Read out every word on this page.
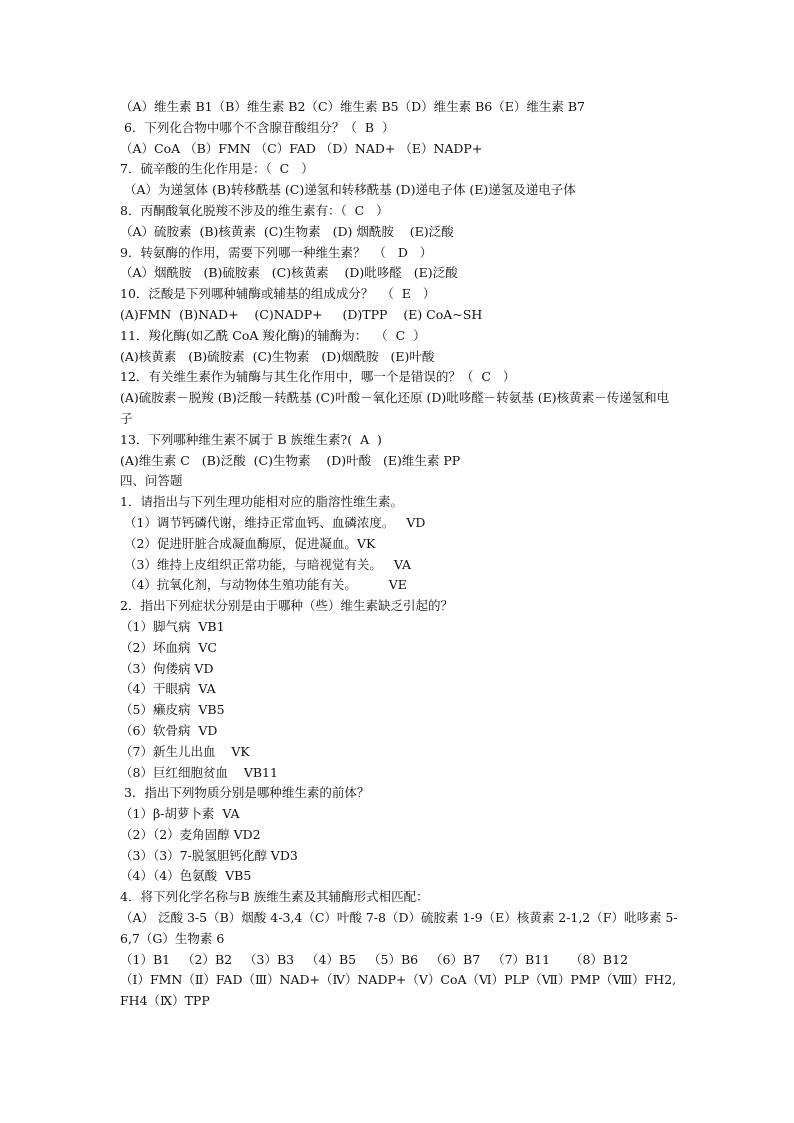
（A）维生素 B1（B）维生素 B2（C）维生素 B5（D）维生素 B6（E）维生素 B7
6．下列化合物中哪个不含腺苷酸组分？（  B  ）
（A）CoA （B）FMN （C）FAD （D）NAD+ （E）NADP+
7．硫辛酸的生化作用是：（  C   ）
（A）为递氢体 (B)转移酰基 (C)递氢和转移酰基 (D)递电子体 (E)递氢及递电子体
8．丙酮酸氧化脱羧不涉及的维生素有：（  C   ）
（A）硫胺素  (B)核黄素  (C)生物素   (D) 烟酰胺    (E)泛酸
9．转氨酶的作用，需要下列哪一种维生素？  （   D   ）
（A）烟酰胺   (B)硫胺素   (C)核黄素    (D)吡哆醛   (E)泛酸
10．泛酸是下列哪种辅酶或辅基的组成成分？  （  E   ）
(A)FMN  (B)NAD+    (C)NADP+     (D)TPP    (E) CoA~SH
11．羧化酶(如乙酰 CoA 羧化酶)的辅酶为：  （  C  ）
(A)核黄素   (B)硫胺素  (C)生物素   (D)烟酰胺   (E)叶酸
12．有关维生素作为辅酶与其生化作用中，哪一个是错误的？（  C   ）
(A)硫胺素－脱羧 (B)泛酸－转酰基 (C)叶酸－氧化还原 (D)吡哆醛－转氨基 (E)核黄素－传递氢和电子
13．下列哪种维生素不属于 B 族维生素?(  A  )
(A)维生素 C   (B)泛酸  (C)生物素    (D)叶酸   (E)维生素 PP
四、问答题
1．请指出与下列生理功能相对应的脂溶性维生素。
（1）调节钙磷代谢，维持正常血钙、血磷浓度。   VD
（2）促进肝脏合成凝血酶原，促进凝血。VK
（3）维持上皮组织正常功能，与暗视觉有关。   VA
（4）抗氧化剂，与动物体生殖功能有关。        VE
2．指出下列症状分别是由于哪种（些）维生素缺乏引起的？
（1）脚气病  VB1
（2）坏血病  VC
（3）佝偻病 VD
（4）干眼病  VA
（5）癞皮病  VB5
（6）软骨病  VD
（7）新生儿出血    VK
（8）巨红细胞贫血    VB11
3．指出下列物质分别是哪种维生素的前体？
（1）β-胡萝卜素  VA
（2）（2）麦角固醇 VD2
（3）（3）7-脱氢胆钙化醇 VD3
（4）（4）色氨酸  VB5
4．将下列化学名称与B 族维生素及其辅酶形式相匹配：
（A） 泛酸 3-5（B）烟酸 4-3,4（C）叶酸 7-8（D）硫胺素 1-9（E）核黄素 2-1,2（F）吡哆素 5-6,7（G）生物素 6
（1）B1   （2）B2   （3）B3   （4）B5   （5）B6   （6）B7   （7）B11     （8）B12
（Ⅰ）FMN（Ⅱ）FAD（Ⅲ）NAD+（Ⅳ）NADP+（Ⅴ）CoA（Ⅵ）PLP（Ⅶ）PMP（Ⅷ）FH2,FH4（Ⅸ）TPP
